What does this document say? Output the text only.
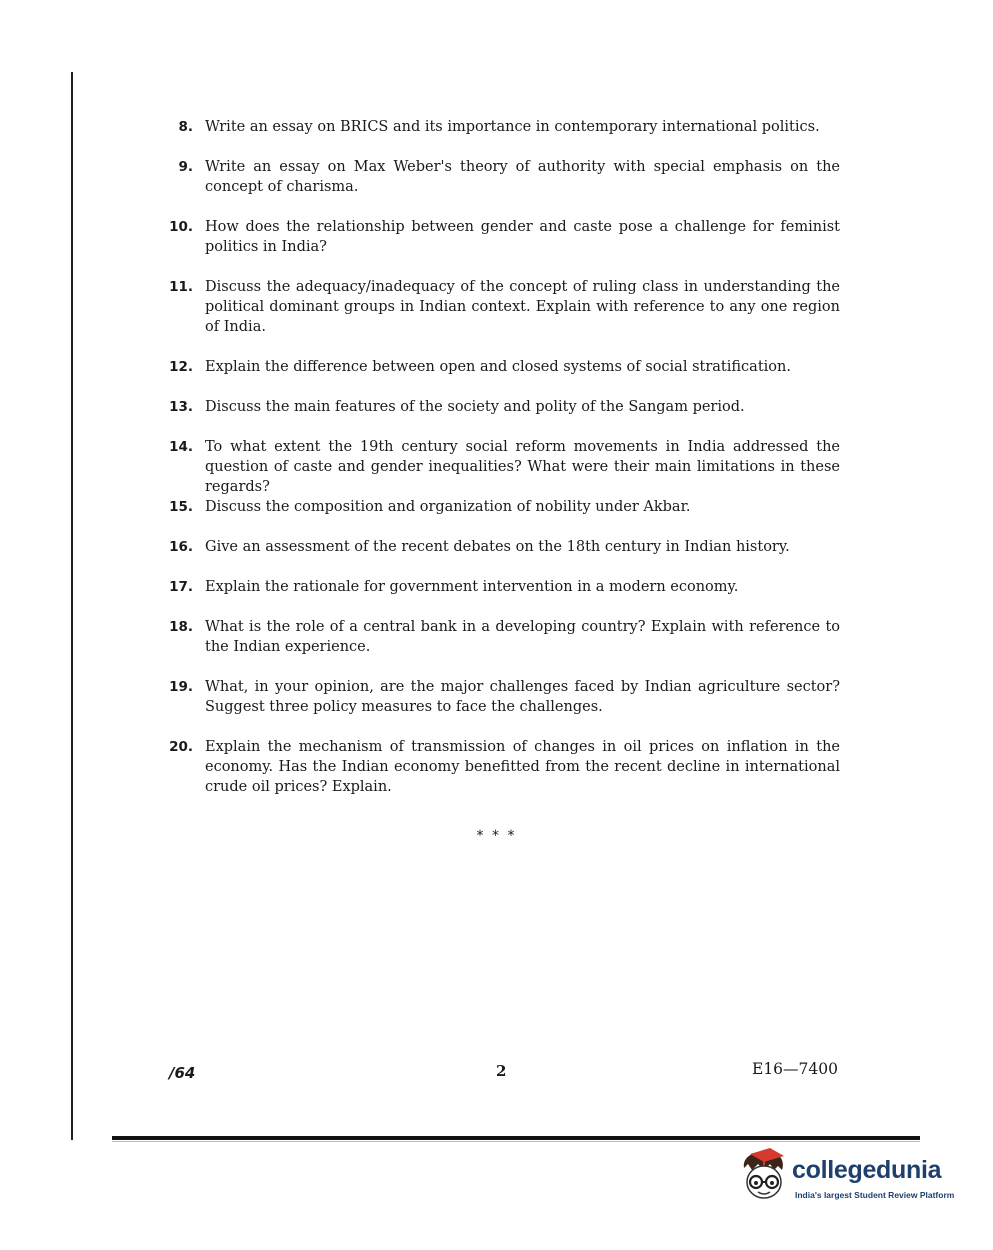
8. Write an essay on BRICS and its importance in contemporary international politics.
9. Write an essay on Max Weber's theory of authority with special emphasis on the concept of charisma.
10. How does the relationship between gender and caste pose a challenge for feminist politics in India?
11. Discuss the adequacy/inadequacy of the concept of ruling class in understanding the political dominant groups in Indian context. Explain with reference to any one region of India.
12. Explain the difference between open and closed systems of social stratification.
13. Discuss the main features of the society and polity of the Sangam period.
14. To what extent the 19th century social reform movements in India addressed the question of caste and gender inequalities? What were their main limitations in these regards?
15. Discuss the composition and organization of nobility under Akbar.
16. Give an assessment of the recent debates on the 18th century in Indian history.
17. Explain the rationale for government intervention in a modern economy.
18. What is the role of a central bank in a developing country? Explain with reference to the Indian experience.
19. What, in your opinion, are the major challenges faced by Indian agriculture sector? Suggest three policy measures to face the challenges.
20. Explain the mechanism of transmission of changes in oil prices on inflation in the economy. Has the Indian economy benefitted from the recent decline in international crude oil prices? Explain.
* * *
/64	2	E16—7400
collegedunia
India's largest Student Review Platform
